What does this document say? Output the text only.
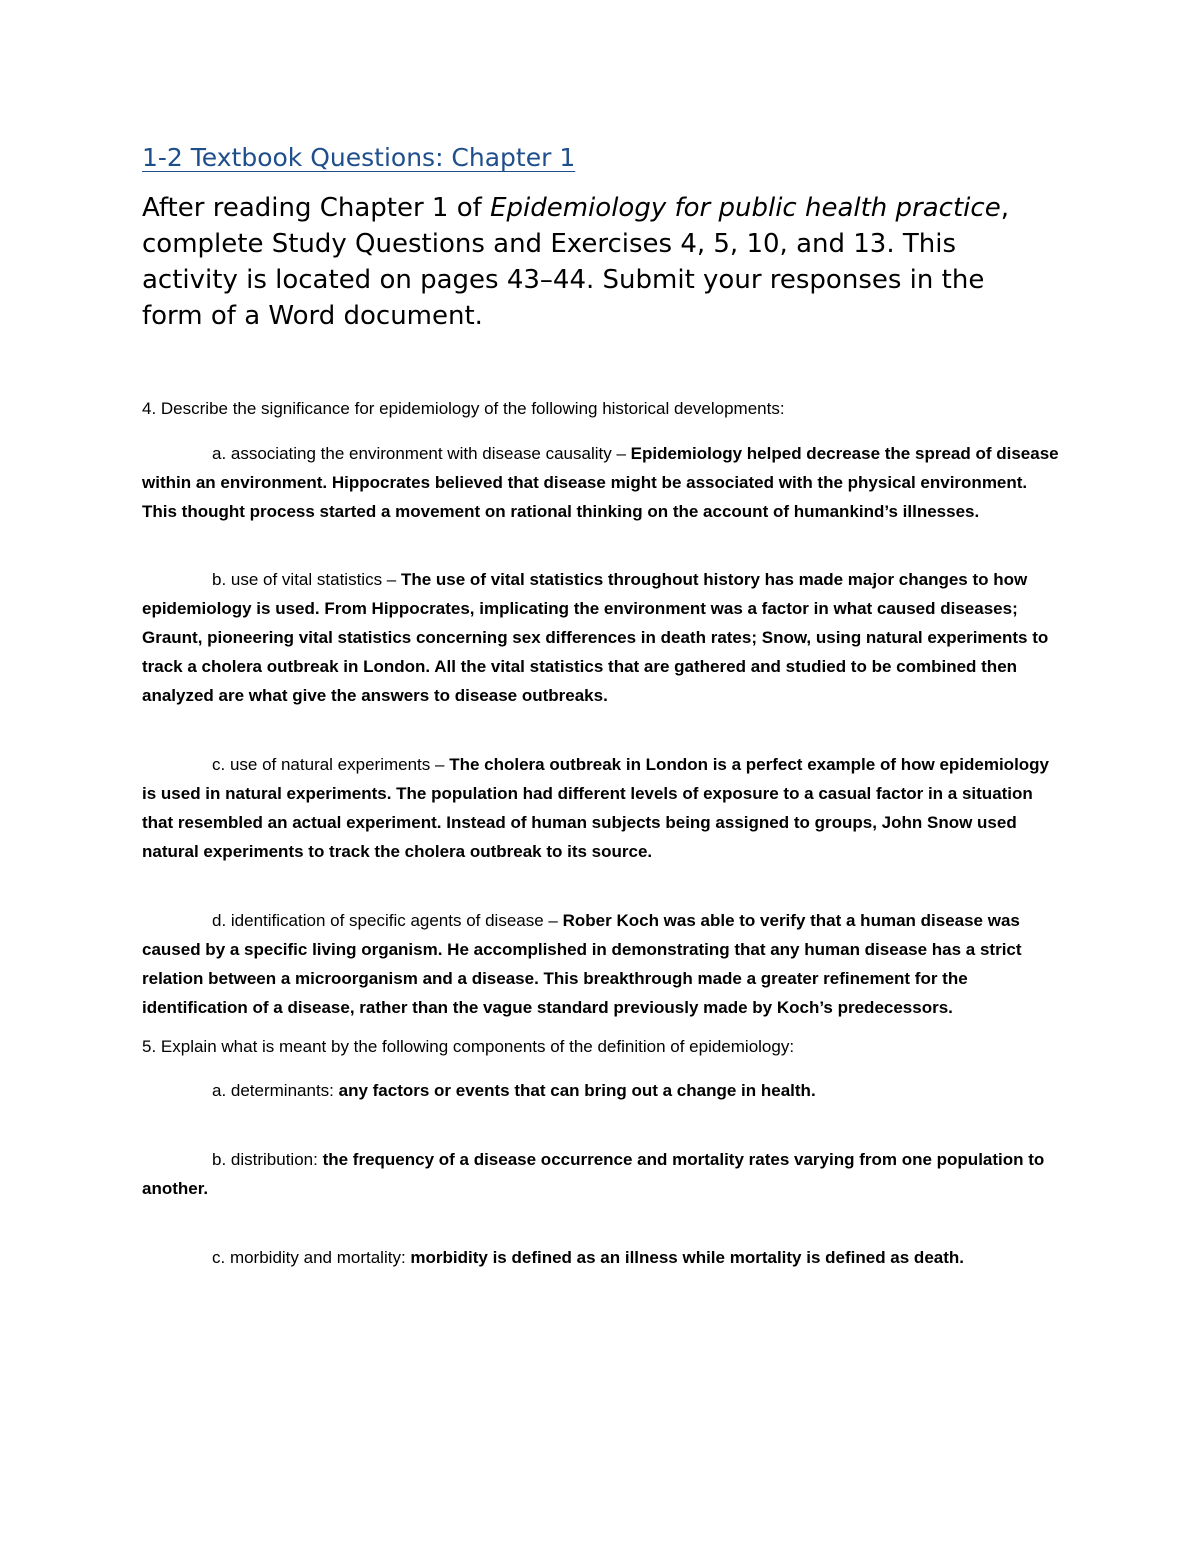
1-2 Textbook Questions: Chapter 1

After reading Chapter 1 of Epidemiology for public health practice, complete Study Questions and Exercises 4, 5, 10, and 13. This activity is located on pages 43–44. Submit your responses in the form of a Word document.

4. Describe the significance for epidemiology of the following historical developments:

a. associating the environment with disease causality – Epidemiology helped decrease the spread of disease within an environment. Hippocrates believed that disease might be associated with the physical environment. This thought process started a movement on rational thinking on the account of humankind’s illnesses.

b. use of vital statistics – The use of vital statistics throughout history has made major changes to how epidemiology is used. From Hippocrates, implicating the environment was a factor in what caused diseases; Graunt, pioneering vital statistics concerning sex differences in death rates; Snow, using natural experiments to track a cholera outbreak in London. All the vital statistics that are gathered and studied to be combined then analyzed are what give the answers to disease outbreaks.

c. use of natural experiments – The cholera outbreak in London is a perfect example of how epidemiology is used in natural experiments. The population had different levels of exposure to a casual factor in a situation that resembled an actual experiment. Instead of human subjects being assigned to groups, John Snow used natural experiments to track the cholera outbreak to its source.

d. identification of specific agents of disease – Rober Koch was able to verify that a human disease was caused by a specific living organism. He accomplished in demonstrating that any human disease has a strict relation between a microorganism and a disease. This breakthrough made a greater refinement for the identification of a disease, rather than the vague standard previously made by Koch’s predecessors.

5. Explain what is meant by the following components of the definition of epidemiology:

a. determinants: any factors or events that can bring out a change in health.

b. distribution: the frequency of a disease occurrence and mortality rates varying from one population to another.

c. morbidity and mortality: morbidity is defined as an illness while mortality is defined as death.
